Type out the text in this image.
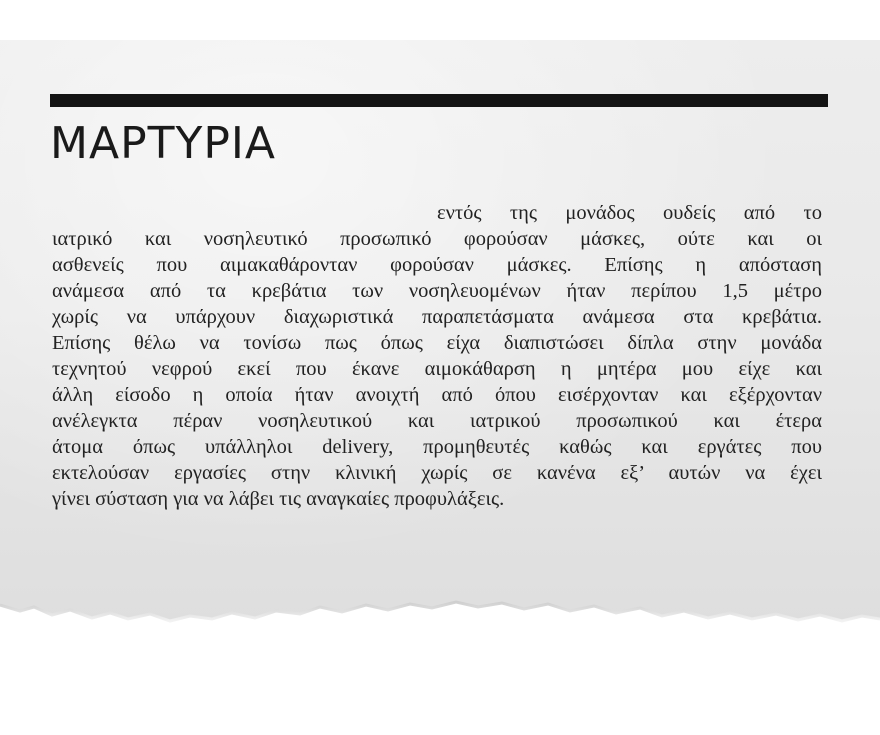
ΜΑΡΤΥΡΙΑ
εντός της μονάδος ουδείς από το
ιατρικό και νοσηλευτικό προσωπικό φορούσαν μάσκες, ούτε και οι
ασθενείς που αιμακαθάρονταν φορούσαν μάσκες. Επίσης η απόσταση
ανάμεσα από τα κρεβάτια των νοσηλευομένων ήταν περίπου 1,5 μέτρο
χωρίς να υπάρχουν διαχωριστικά παραπετάσματα ανάμεσα στα κρεβάτια.
Επίσης θέλω να τονίσω πως όπως είχα διαπιστώσει δίπλα στην μονάδα
τεχνητού νεφρού εκεί που έκανε αιμοκάθαρση η μητέρα μου είχε και
άλλη είσοδο η οποία ήταν ανοιχτή από όπου εισέρχονταν και εξέρχονταν
ανέλεγκτα πέραν νοσηλευτικού και ιατρικού προσωπικού και έτερα
άτομα όπως υπάλληλοι delivery, προμηθευτές καθώς και εργάτες που
εκτελούσαν εργασίες στην κλινική χωρίς σε κανένα εξ’ αυτών να έχει
γίνει σύσταση για να λάβει τις αναγκαίες προφυλάξεις.
